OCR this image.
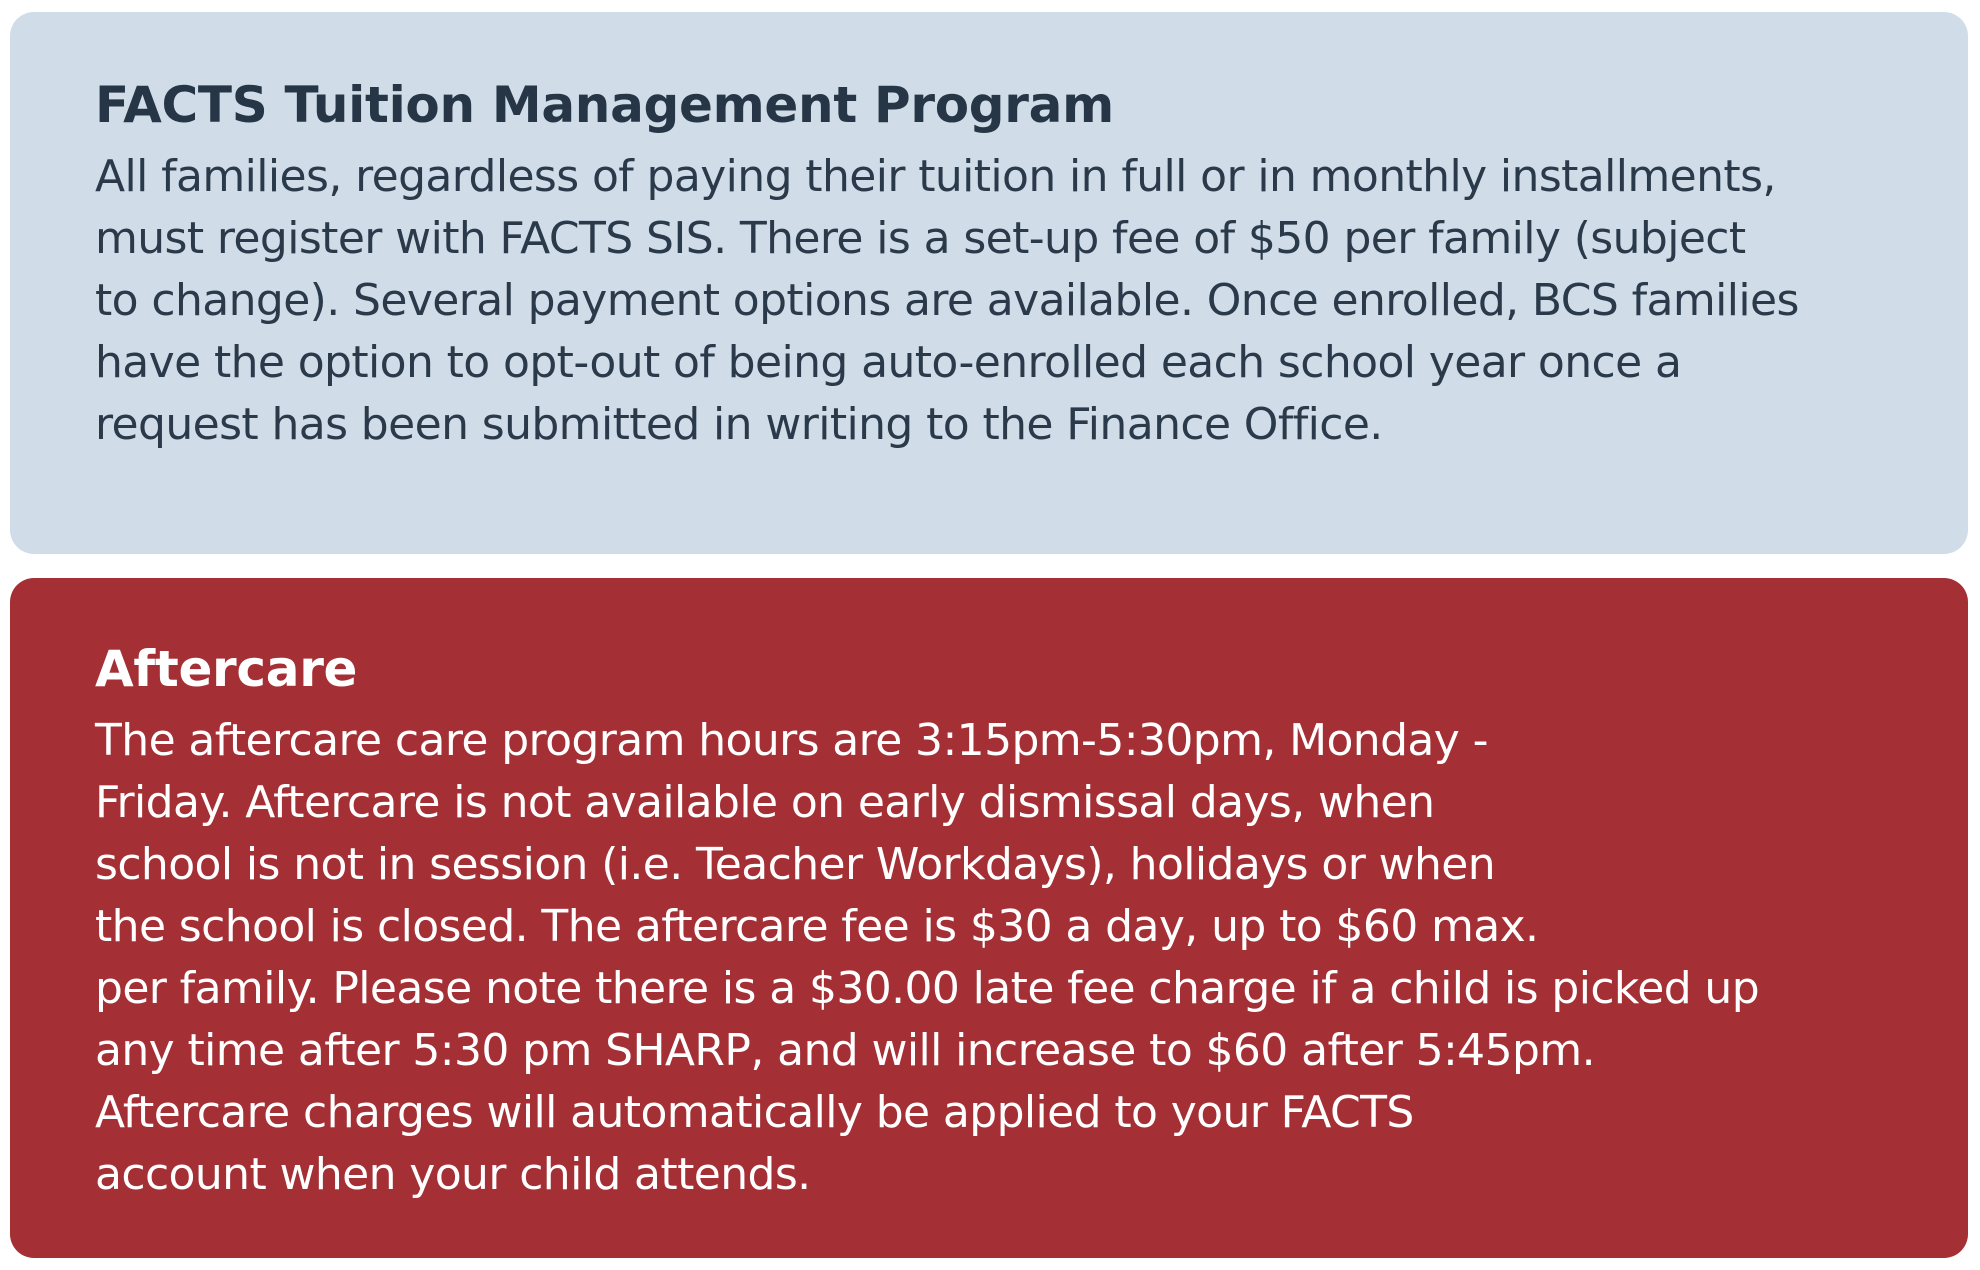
FACTS Tuition Management Program

All families, regardless of paying their tuition in full or in monthly installments,
must register with FACTS SIS. There is a set-up fee of $50 per family (subject
to change). Several payment options are available. Once enrolled, BCS families
have the option to opt-out of being auto-enrolled each school year once a
request has been submitted in writing to the Finance Office.

Aftercare

The aftercare care program hours are 3:15pm-5:30pm, Monday -
Friday. Aftercare is not available on early dismissal days, when
school is not in session (i.e. Teacher Workdays), holidays or when
the school is closed. The aftercare fee is $30 a day, up to $60 max.
per family. Please note there is a $30.00 late fee charge if a child is picked up
any time after 5:30 pm SHARP, and will increase to $60 after 5:45pm.
Aftercare charges will automatically be applied to your FACTS
account when your child attends.
